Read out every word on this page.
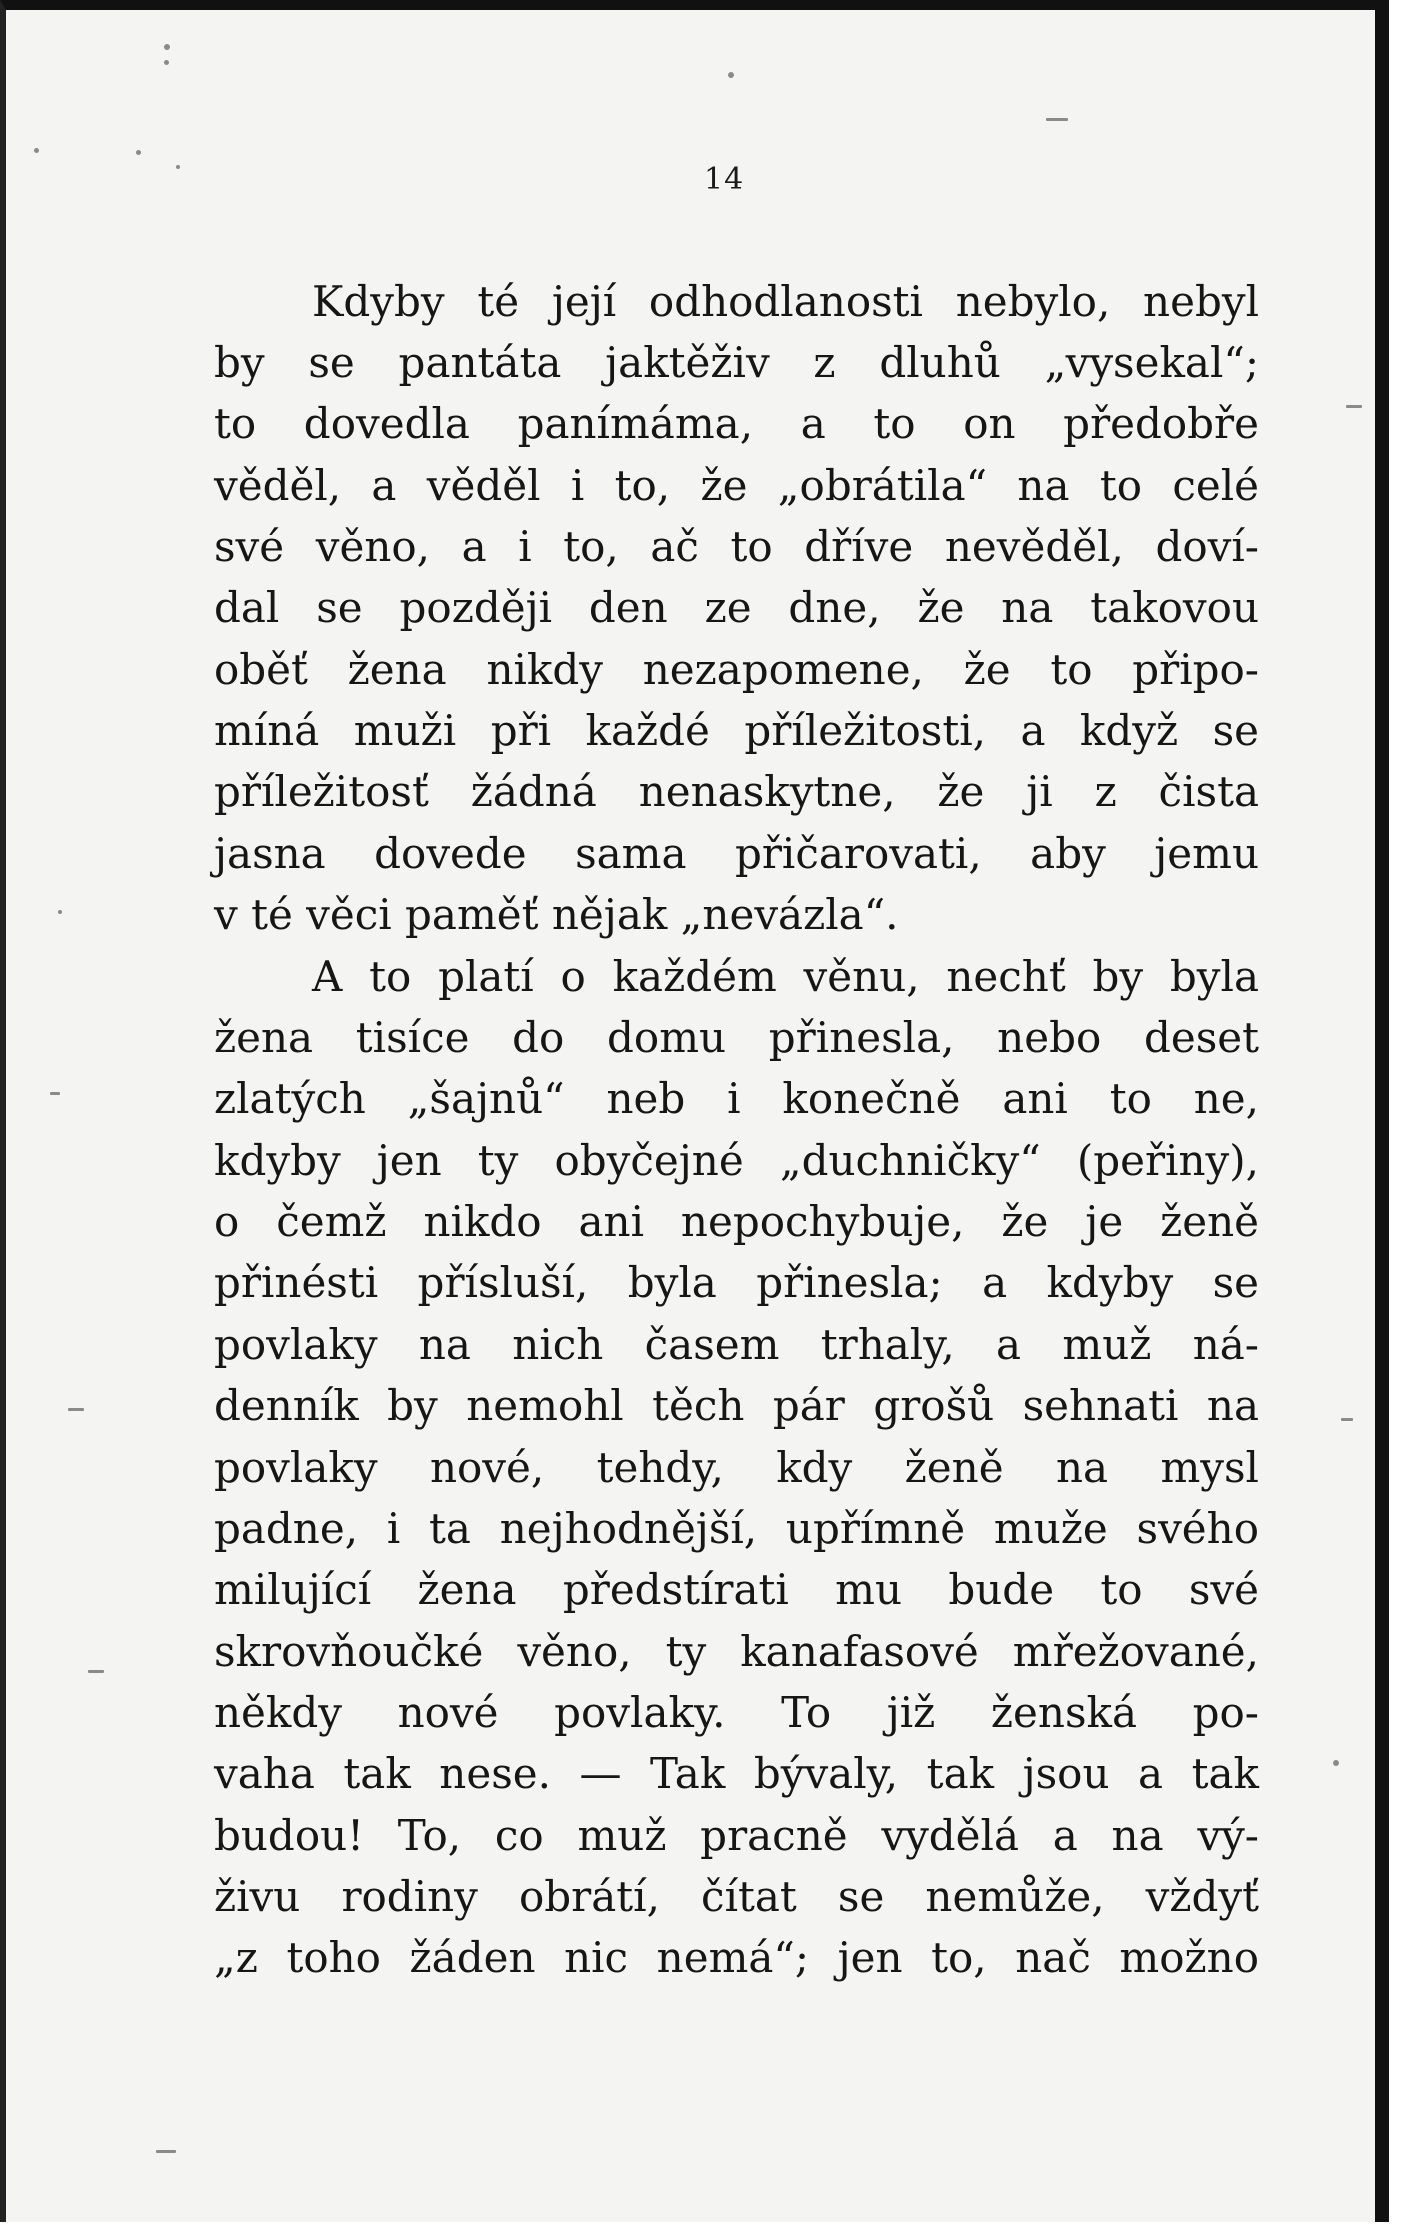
14
Kdyby té její odhodlanosti nebylo, nebyl
by se pantáta jaktěživ z dluhů „vysekal“;
to dovedla panímáma, a to on předobře
věděl, a věděl i to, že „obrátila“ na to celé
své věno, a i to, ač to dříve nevěděl, doví-
dal se později den ze dne, že na takovou
oběť žena nikdy nezapomene, že to připo-
míná muži při každé příležitosti, a když se
příležitosť žádná nenaskytne, že ji z čista
jasna dovede sama přičarovati, aby jemu
v té věci paměť nějak „nevázla“.
A to platí o každém věnu, nechť by byla
žena tisíce do domu přinesla, nebo deset
zlatých „šajnů“ neb i konečně ani to ne,
kdyby jen ty obyčejné „duchničky“ (peřiny),
o čemž nikdo ani nepochybuje, že je ženě
přinésti přísluší, byla přinesla; a kdyby se
povlaky na nich časem trhaly, a muž ná-
denník by nemohl těch pár grošů sehnati na
povlaky nové, tehdy, kdy ženě na mysl
padne, i ta nejhodnější, upřímně muže svého
milující žena předstírati mu bude to své
skrovňoučké věno, ty kanafasové mřežované,
někdy nové povlaky. To již ženská po-
vaha tak nese. — Tak bývaly, tak jsou a tak
budou! To, co muž pracně vydělá a na vý-
živu rodiny obrátí, čítat se nemůže, vždyť
„z toho žáden nic nemá“; jen to, nač možno
